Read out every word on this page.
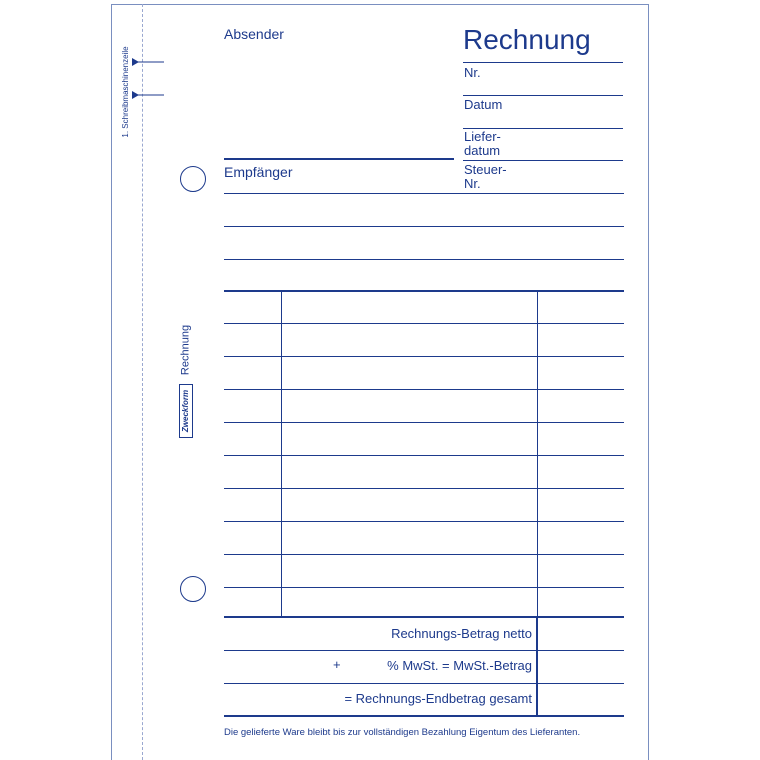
1. Schreibmaschinenzeile
Rechnung
Zweckform
Absender	Rechnung
Nr.
Datum
Liefer-
datum
Empfänger	Steuer-
Nr.
Rechnungs-Betrag netto
+	% MwSt. = MwSt.-Betrag
= Rechnungs-Endbetrag gesamt
Die gelieferte Ware bleibt bis zur vollständigen Bezahlung Eigentum des Lieferanten.
